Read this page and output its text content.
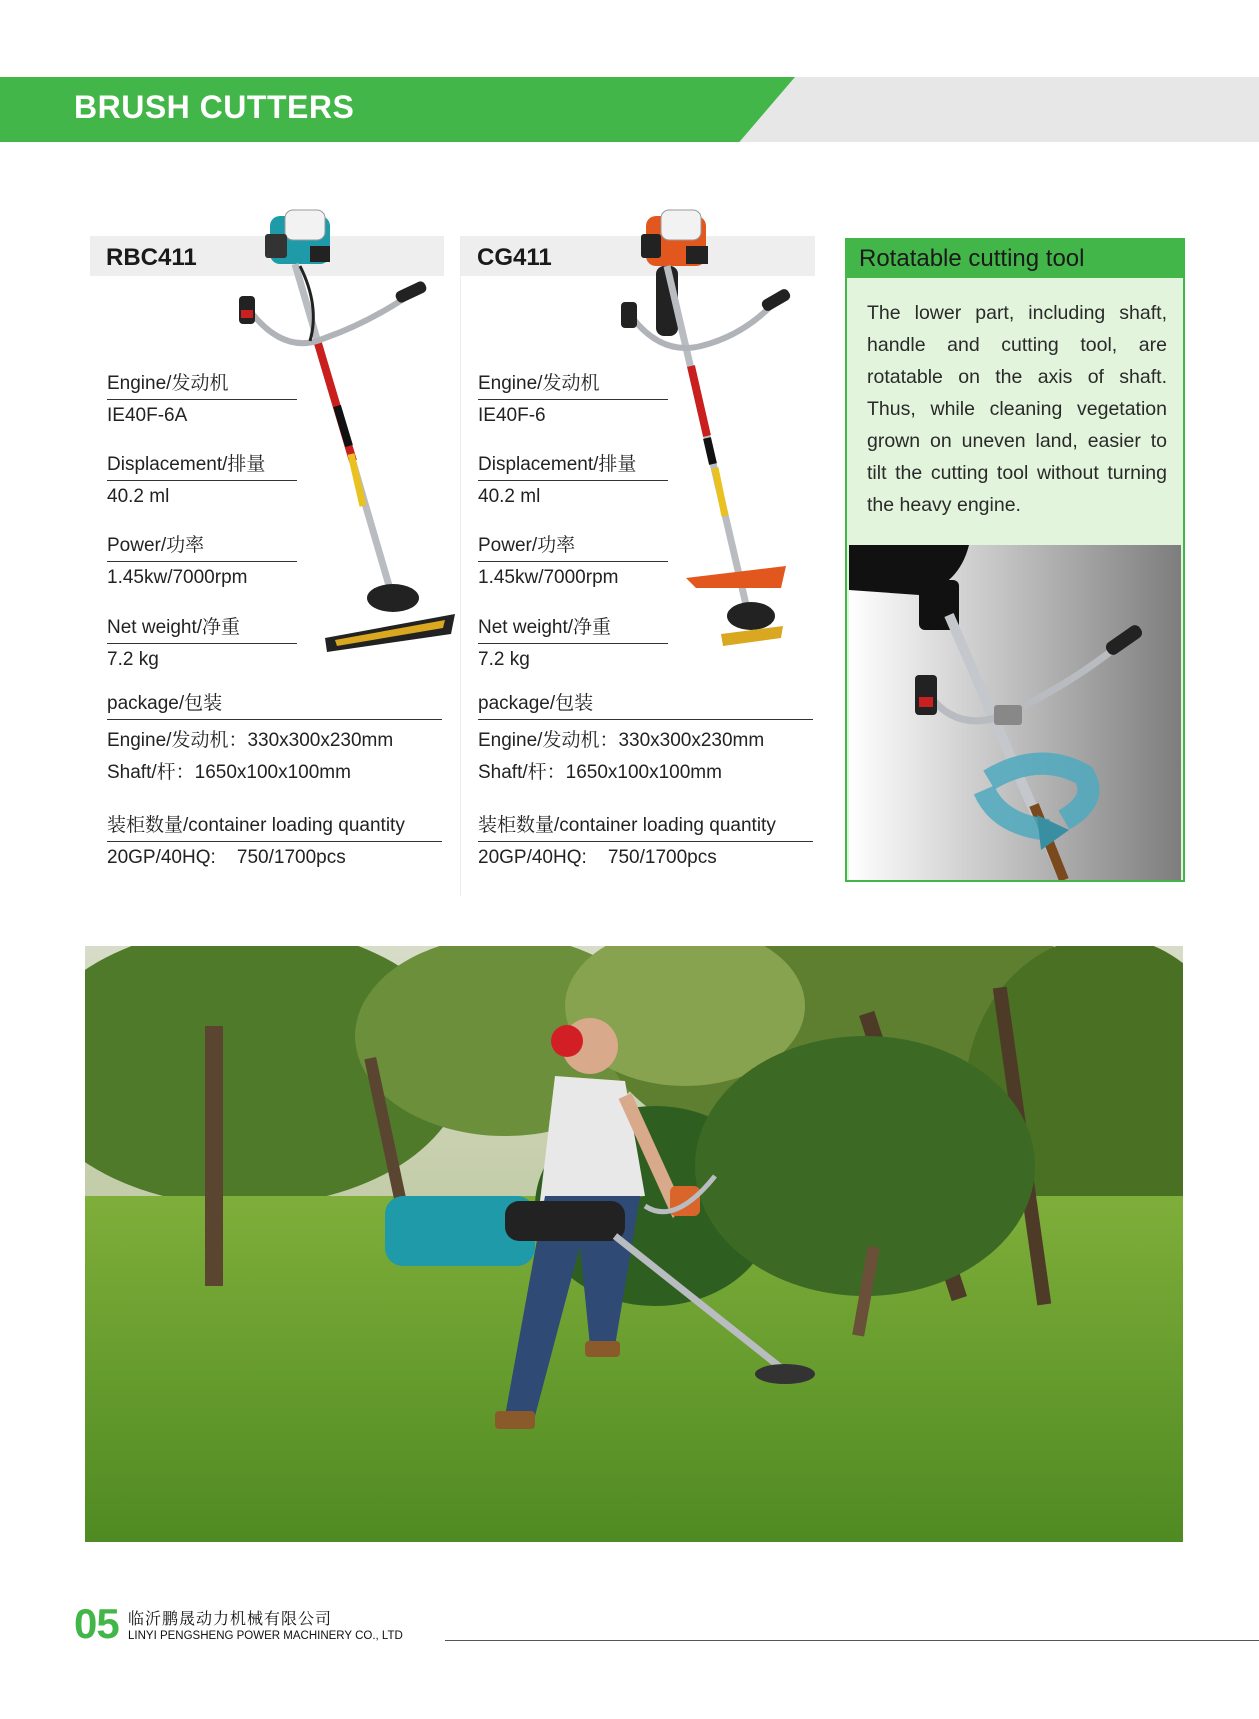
BRUSH CUTTERS
RBC411
Engine/发动机
IE40F-6A
Displacement/排量
40.2 ml
Power/功率
1.45kw/7000rpm
Net weight/净重
7.2 kg
package/包装
Engine/发动机：330x300x230mm
Shaft/杆：1650x100x100mm
装柜数量/container loading quantity
20GP/40HQ:    750/1700pcs
CG411
Engine/发动机
IE40F-6
Displacement/排量
40.2 ml
Power/功率
1.45kw/7000rpm
Net weight/净重
7.2 kg
package/包装
Engine/发动机：330x300x230mm
Shaft/杆：1650x100x100mm
装柜数量/container loading quantity
20GP/40HQ:    750/1700pcs
Rotatable cutting tool
The lower part, including shaft, handle and cutting tool, are rotatable on the axis of shaft. Thus, while cleaning vegetation grown on uneven land, easier to tilt the cutting tool without turning the heavy engine.
05 临沂鹏晟动力机械有限公司
LINYI PENGSHENG POWER MACHINERY CO., LTD
